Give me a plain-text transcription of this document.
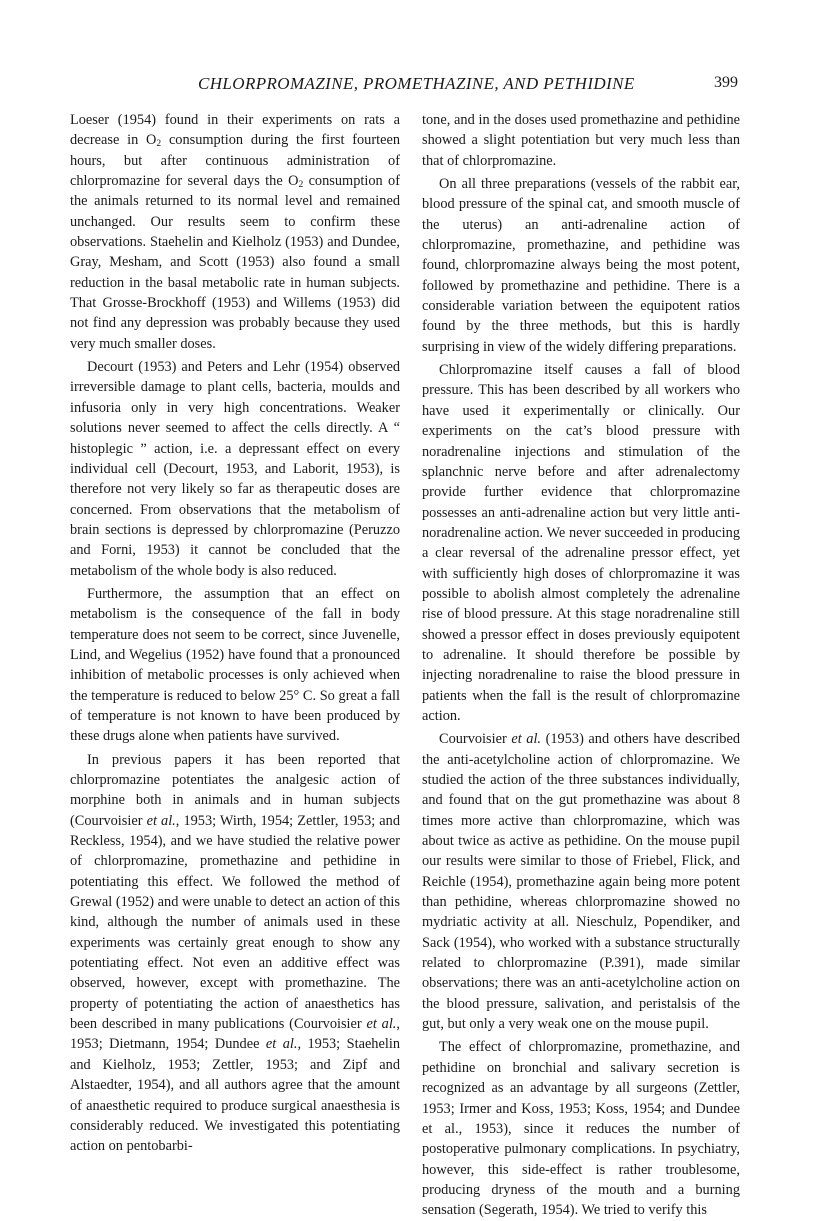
CHLORPROMAZINE, PROMETHAZINE, AND PETHIDINE	399

Loeser (1954) found in their experiments on rats a decrease in $O_2$ consumption during the first fourteen hours, but after continuous administration of chlorpromazine for several days the $O_2$ consumption of the animals returned to its normal level and remained unchanged. Our results seem to confirm these observations. Staehelin and Kielholz (1953) and Dundee, Gray, Mesham, and Scott (1953) also found a small reduction in the basal metabolic rate in human subjects. That Grosse-Brockhoff (1953) and Willems (1953) did not find any depression was probably because they used very much smaller doses.

Decourt (1953) and Peters and Lehr (1954) observed irreversible damage to plant cells, bacteria, moulds and infusoria only in very high concentrations. Weaker solutions never seemed to affect the cells directly. A “ histoplegic ” action, i.e. a depressant effect on every individual cell (Decourt, 1953, and Laborit, 1953), is therefore not very likely so far as therapeutic doses are concerned. From observations that the metabolism of brain sections is depressed by chlorpromazine (Peruzzo and Forni, 1953) it cannot be concluded that the metabolism of the whole body is also reduced.

Furthermore, the assumption that an effect on metabolism is the consequence of the fall in body temperature does not seem to be correct, since Juvenelle, Lind, and Wegelius (1952) have found that a pronounced inhibition of metabolic processes is only achieved when the temperature is reduced to below 25° C. So great a fall of temperature is not known to have been produced by these drugs alone when patients have survived.

In previous papers it has been reported that chlorpromazine potentiates the analgesic action of morphine both in animals and in human subjects (Courvoisier et al., 1953; Wirth, 1954; Zettler, 1953; and Reckless, 1954), and we have studied the relative power of chlorpromazine, promethazine and pethidine in potentiating this effect. We followed the method of Grewal (1952) and were unable to detect an action of this kind, although the number of animals used in these experiments was certainly great enough to show any potentiating effect. Not even an additive effect was observed, however, except with promethazine. The property of potentiating the action of anaesthetics has been described in many publications (Courvoisier et al., 1953; Dietmann, 1954; Dundee et al., 1953; Staehelin and Kielholz, 1953; Zettler, 1953; and Zipf and Alstaedter, 1954), and all authors agree that the amount of anaesthetic required to produce surgical anaesthesia is considerably reduced. We investigated this potentiating action on pentobarbi-

tone, and in the doses used promethazine and pethidine showed a slight potentiation but very much less than that of chlorpromazine.

On all three preparations (vessels of the rabbit ear, blood pressure of the spinal cat, and smooth muscle of the uterus) an anti-adrenaline action of chlorpromazine, promethazine, and pethidine was found, chlorpromazine always being the most potent, followed by promethazine and pethidine. There is a considerable variation between the equipotent ratios found by the three methods, but this is hardly surprising in view of the widely differing preparations.

Chlorpromazine itself causes a fall of blood pressure. This has been described by all workers who have used it experimentally or clinically. Our experiments on the cat’s blood pressure with noradrenaline injections and stimulation of the splanchnic nerve before and after adrenalectomy provide further evidence that chlorpromazine possesses an anti-adrenaline action but very little anti-noradrenaline action. We never succeeded in producing a clear reversal of the adrenaline pressor effect, yet with sufficiently high doses of chlorpromazine it was possible to abolish almost completely the adrenaline rise of blood pressure. At this stage noradrenaline still showed a pressor effect in doses previously equipotent to adrenaline. It should therefore be possible by injecting noradrenaline to raise the blood pressure in patients when the fall is the result of chlorpromazine action.

Courvoisier et al. (1953) and others have described the anti-acetylcholine action of chlorpromazine. We studied the action of the three substances individually, and found that on the gut promethazine was about 8 times more active than chlorpromazine, which was about twice as active as pethidine. On the mouse pupil our results were similar to those of Friebel, Flick, and Reichle (1954), promethazine again being more potent than pethidine, whereas chlorpromazine showed no mydriatic activity at all. Nieschulz, Popendiker, and Sack (1954), who worked with a substance structurally related to chlorpromazine (P.391), made similar observations; there was an anti-acetylcholine action on the blood pressure, salivation, and peristalsis of the gut, but only a very weak one on the mouse pupil.

The effect of chlorpromazine, promethazine, and pethidine on bronchial and salivary secretion is recognized as an advantage by all surgeons (Zettler, 1953; Irmer and Koss, 1953; Koss, 1954; and Dundee et al., 1953), since it reduces the number of postoperative pulmonary complications. In psychiatry, however, this side-effect is rather troublesome, producing dryness of the mouth and a burning sensation (Segerath, 1954). We tried to verify this
